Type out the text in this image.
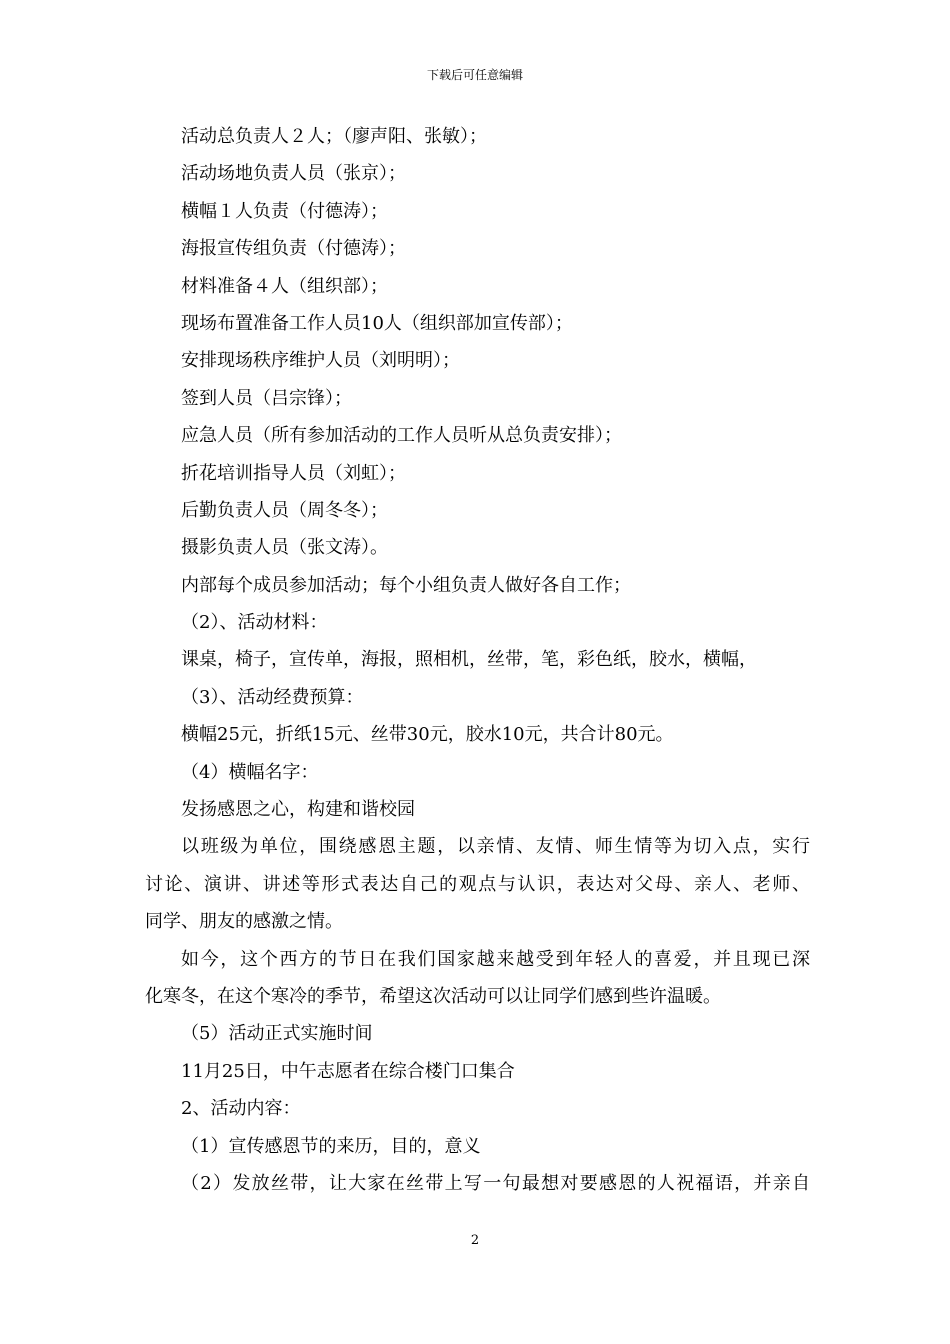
下载后可任意编辑
活动总负责人２人；（廖声阳、张敏）；
活动场地负责人员（张京）；
横幅１人负责（付德涛）；
海报宣传组负责（付德涛）；
材料准备４人（组织部）；
现场布置准备工作人员10人（组织部加宣传部）；
安排现场秩序维护人员（刘明明）；
签到人员（吕宗锋）；
应急人员（所有参加活动的工作人员听从总负责安排）；
折花培训指导人员（刘虹）；
后勤负责人员（周冬冬）；
摄影负责人员（张文涛）。
内部每个成员参加活动；每个小组负责人做好各自工作；
（2）、活动材料：
课桌，椅子，宣传单，海报，照相机，丝带，笔，彩色纸，胶水，横幅，
（3）、活动经费预算：
横幅25元，折纸15元、丝带30元，胶水10元，共合计80元。
（4）横幅名字：
发扬感恩之心，构建和谐校园
以班级为单位，围绕感恩主题，以亲情、友情、师生情等为切入点，实行
讨论、演讲、讲述等形式表达自己的观点与认识，表达对父母、亲人、老师、
同学、朋友的感激之情。
如今，这个西方的节日在我们国家越来越受到年轻人的喜爱，并且现已深
化寒冬，在这个寒冷的季节，希望这次活动可以让同学们感到些许温暖。
（5）活动正式实施时间
11月25日，中午志愿者在综合楼门口集合
2、活动内容：
（1）宣传感恩节的来历，目的，意义
（2）发放丝带，让大家在丝带上写一句最想对要感恩的人祝福语，并亲自
2
